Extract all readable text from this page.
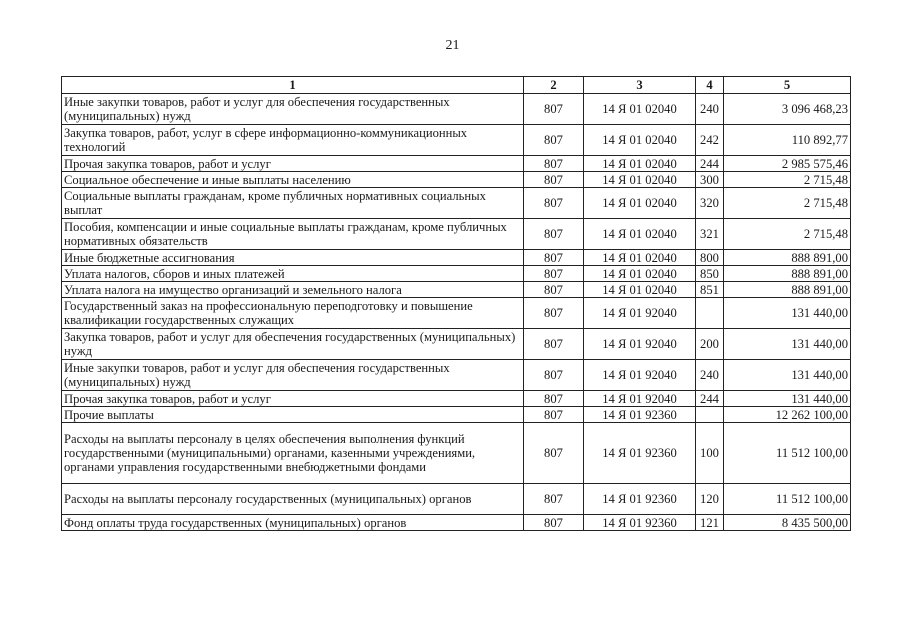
21
1	2	3	4	5
Иные закупки товаров, работ и услуг для обеспечения государственных (муниципальных) нужд	807	14 Я 01 02040	240	3 096 468,23
Закупка товаров, работ, услуг в сфере информационно-коммуникационных технологий	807	14 Я 01 02040	242	110 892,77
Прочая закупка товаров, работ и услуг	807	14 Я 01 02040	244	2 985 575,46
Социальное обеспечение и иные выплаты населению	807	14 Я 01 02040	300	2 715,48
Социальные выплаты гражданам, кроме публичных нормативных социальных выплат	807	14 Я 01 02040	320	2 715,48
Пособия, компенсации и иные социальные выплаты гражданам, кроме публичных нормативных обязательств	807	14 Я 01 02040	321	2 715,48
Иные бюджетные ассигнования	807	14 Я 01 02040	800	888 891,00
Уплата налогов, сборов и иных платежей	807	14 Я 01 02040	850	888 891,00
Уплата налога на имущество организаций и земельного налога	807	14 Я 01 02040	851	888 891,00
Государственный заказ на профессиональную переподготовку и повышение квалификации государственных служащих	807	14 Я 01 92040		131 440,00
Закупка товаров, работ и услуг для обеспечения государственных (муниципальных) нужд	807	14 Я 01 92040	200	131 440,00
Иные закупки товаров, работ и услуг для обеспечения государственных (муниципальных) нужд	807	14 Я 01 92040	240	131 440,00
Прочая закупка товаров, работ и услуг	807	14 Я 01 92040	244	131 440,00
Прочие выплаты	807	14 Я 01 92360		12 262 100,00
Расходы на выплаты персоналу в целях обеспечения выполнения функций государственными (муниципальными) органами, казенными учреждениями, органами управления государственными внебюджетными фондами	807	14 Я 01 92360	100	11 512 100,00
Расходы на выплаты персоналу государственных (муниципальных) органов	807	14 Я 01 92360	120	11 512 100,00
Фонд оплаты труда государственных (муниципальных) органов	807	14 Я 01 92360	121	8 435 500,00
